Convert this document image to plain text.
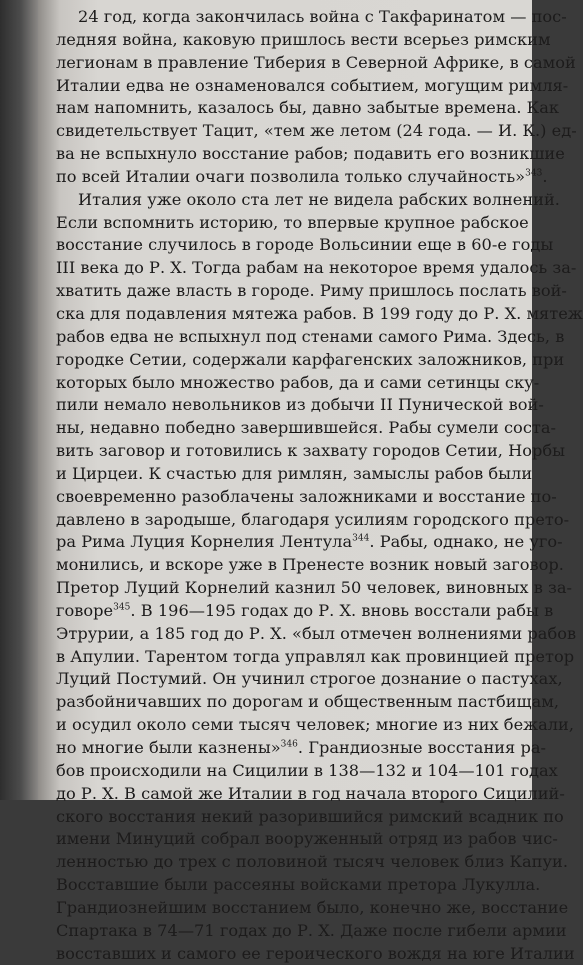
24 год, когда закончилась война с Такфаринатом — пос-
ледняя война, каковую пришлось вести всерьез римским
легионам в правление Тиберия в Северной Африке, в самой
Италии едва не ознаменовался событием, могущим римля-
нам напомнить, казалось бы, давно забытые времена. Как
свидетельствует Тацит, «тем же летом (24 года. — И. К.) ед-
ва не вспыхнуло восстание рабов; подавить его возникшие
по всей Италии очаги позволила только случайность»$^{343}$.
Италия уже около ста лет не видела рабских волнений.
Если вспомнить историю, то впервые крупное рабское
восстание случилось в городе Вольсинии еще в 60-е годы
III века до Р. Х. Тогда рабам на некоторое время удалось за-
хватить даже власть в городе. Риму пришлось послать вой-
ска для подавления мятежа рабов. В 199 году до Р. Х. мятеж
рабов едва не вспыхнул под стенами самого Рима. Здесь, в
городке Сетии, содержали карфагенских заложников, при
которых было множество рабов, да и сами сетинцы ску-
пили немало невольников из добычи II Пунической вой-
ны, недавно победно завершившейся. Рабы сумели соста-
вить заговор и готовились к захвату городов Сетии, Норбы
и Цирцеи. К счастью для римлян, замыслы рабов были
своевременно разоблачены заложниками и восстание по-
давлено в зародыше, благодаря усилиям городского прето-
ра Рима Луция Корнелия Лентула$^{344}$. Рабы, однако, не уго-
монились, и вскоре уже в Пренесте возник новый заговор.
Претор Луций Корнелий казнил 50 человек, виновных в за-
говоре$^{345}$. В 196—195 годах до Р. Х. вновь восстали рабы в
Этрурии, а 185 год до Р. Х. «был отмечен волнениями рабов
в Апулии. Тарентом тогда управлял как провинцией претор
Луций Постумий. Он учинил строгое дознание о пастухах,
разбойничавших по дорогам и общественным пастбищам,
и осудил около семи тысяч человек; многие из них бежали,
но многие были казнены»$^{346}$. Грандиозные восстания ра-
бов происходили на Сицилии в 138—132 и 104—101 годах
до Р. Х. В самой же Италии в год начала второго Сицилий-
ского восстания некий разорившийся римский всадник по
имени Минуций собрал вооруженный отряд из рабов чис-
ленностью до трех с половиной тысяч человек близ Капуи.
Восставшие были рассеяны войсками претора Лукулла.
Грандиознейшим восстанием было, конечно же, восстание
Спартака в 74—71 годах до Р. Х. Даже после гибели армии
восставших и самого ее героического вождя на юге Италии
